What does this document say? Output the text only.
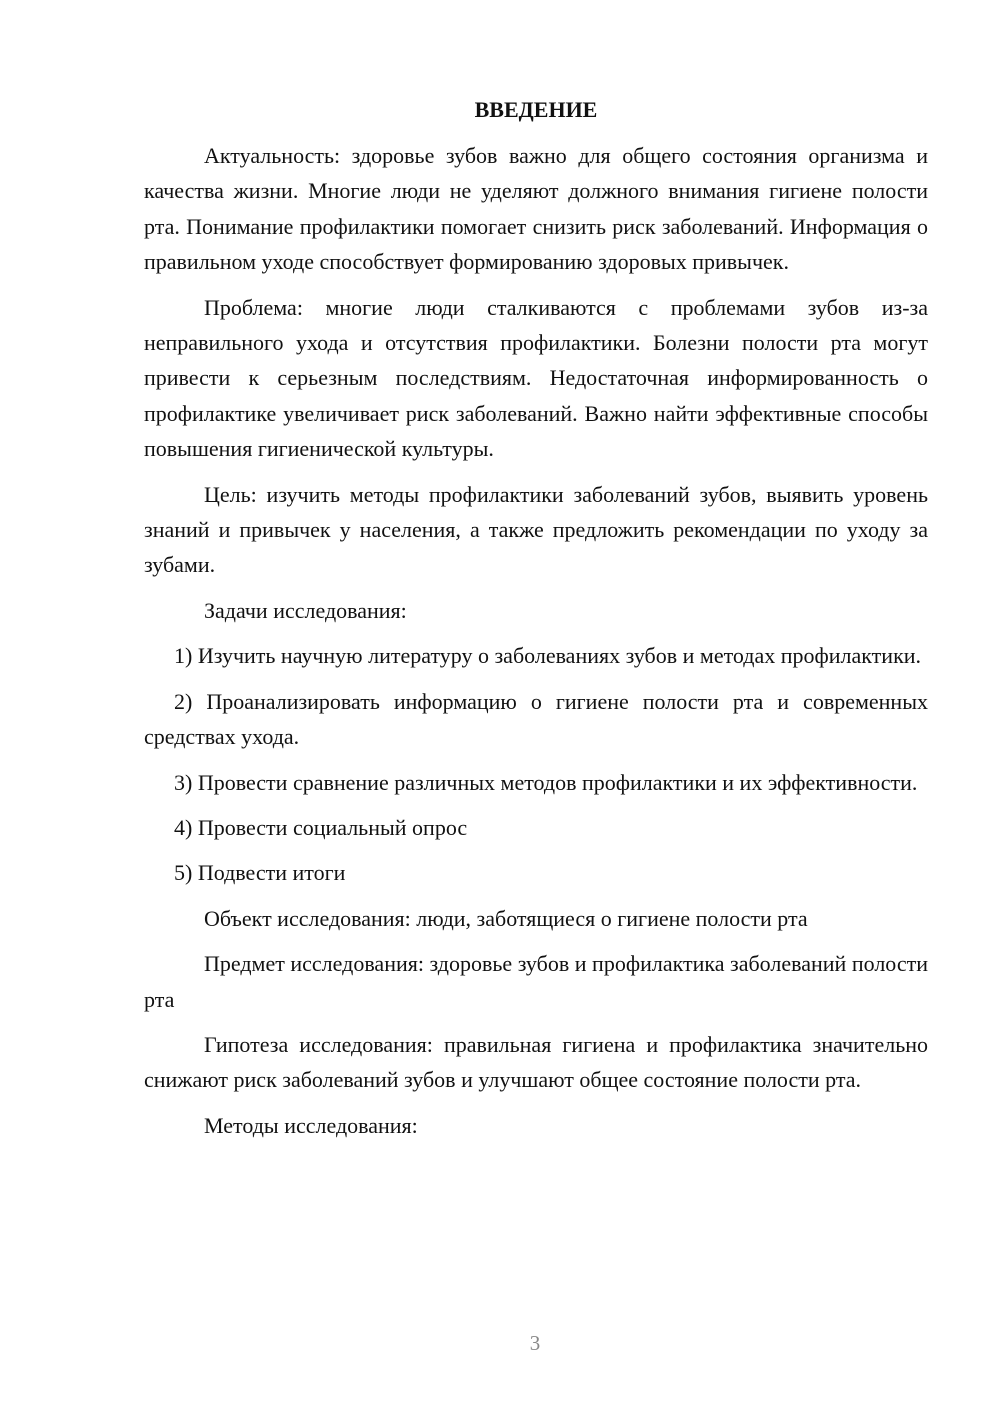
ВВЕДЕНИЕ

Актуальность: здоровье зубов важно для общего состояния организма и качества жизни. Многие люди не уделяют должного внимания гигиене полости рта. Понимание профилактики помогает снизить риск заболеваний. Информация о правильном уходе способствует формированию здоровых привычек.

Проблема: многие люди сталкиваются с проблемами зубов из-за неправильного ухода и отсутствия профилактики. Болезни полости рта могут привести к серьезным последствиям. Недостаточная информированность о профилактике увеличивает риск заболеваний. Важно найти эффективные способы повышения гигиенической культуры.

Цель: изучить методы профилактики заболеваний зубов, выявить уровень знаний и привычек у населения, а также предложить рекомендации по уходу за зубами.

Задачи исследования:

1) Изучить научную литературу о заболеваниях зубов и методах профилактики.

2) Проанализировать информацию о гигиене полости рта и современных средствах ухода.

3) Провести сравнение различных методов профилактики и их эффективности.

4) Провести социальный опрос

5) Подвести итоги

Объект исследования: люди, заботящиеся о гигиене полости рта

Предмет исследования: здоровье зубов и профилактика заболеваний полости рта

Гипотеза исследования: правильная гигиена и профилактика значительно снижают риск заболеваний зубов и улучшают общее состояние полости рта.

Методы исследования:

3
